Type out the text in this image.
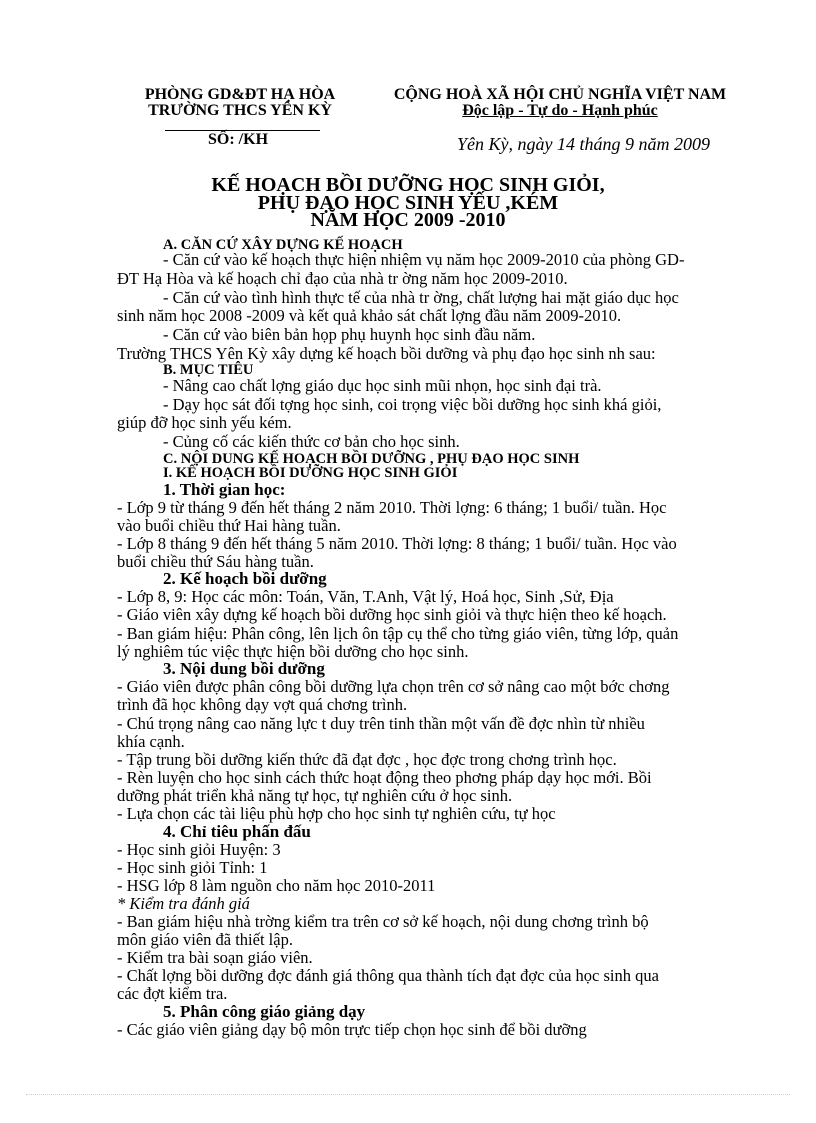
PHÒNG GD&ĐT HẠ HÒA
TRƯỜNG THCS YÊN KỲ
SỐ: /KH
CỘNG HOÀ XÃ HỘI CHỦ NGHĨA VIỆT NAM
Độc lập - Tự do - Hạnh phúc
Yên Kỳ, ngày 14 tháng 9 năm 2009
KẾ HOẠCH BỒI DƯỠNG HỌC SINH GIỎI,
PHỤ ĐẠO HỌC SINH YẾU ,KÉM
NĂM HỌC 2009 -2010
A. CĂN CỨ XÂY DỰNG KẾ HOẠCH
- Căn cứ vào kế hoạch thực hiện nhiệm vụ năm học 2009-2010 của phòng GD-
ĐT Hạ Hòa và kế hoạch chỉ đạo của nhà tr ờng năm học 2009-2010.
- Căn cứ vào tình hình thực tế của nhà tr ờng, chất lượng hai mặt giáo dục học
sinh năm học 2008 -2009 và kết quả khảo sát chất lợng đầu năm 2009-2010.
- Căn cứ vào biên bản họp phụ huynh học sinh đầu năm.
Trường THCS Yên Kỳ xây dựng kế hoạch bồi dưỡng và phụ đạo học sinh nh sau:
B. MỤC TIÊU
- Nâng cao chất lợng giáo dục học sinh mũi nhọn, học sinh đại trà.
- Dạy học sát đối tợng học sinh, coi trọng việc bồi dưỡng học sinh khá giỏi,
giúp đỡ học sinh yếu kém.
- Củng cố các kiến thức cơ bản cho học sinh.
C. NỘI DUNG KẾ HOẠCH BỒI DƯỠNG , PHỤ ĐẠO HỌC SINH
I. KẾ HOẠCH BỒI DƯỠNG HỌC SINH GIỎI
1. Thời gian học:
- Lớp 9 từ tháng 9 đến hết tháng 2 năm 2010. Thời lợng: 6 tháng; 1 buổi/ tuần. Học
vào buổi chiều thứ Hai hàng tuần.
- Lớp 8 tháng 9 đến hết tháng 5 năm 2010. Thời lợng: 8 tháng; 1 buổi/ tuần. Học vào
buổi chiều thứ Sáu hàng tuần.
2. Kế hoạch bồi dưỡng
- Lớp 8, 9: Học các môn: Toán, Văn, T.Anh, Vật lý, Hoá học, Sinh ,Sử, Địa
- Giáo viên xây dựng kế hoạch bồi dưỡng học sinh giỏi và thực hiện theo kế hoạch.
- Ban giám hiệu: Phân công, lên lịch ôn tập cụ thể cho từng giáo viên, từng lớp, quản
lý nghiêm túc việc thực hiện bồi dưỡng cho học sinh.
3. Nội dung bồi dưỡng
- Giáo viên được phân công bồi dưỡng lựa chọn trên cơ sở nâng cao một bớc chơng
trình đã học không dạy vợt quá chơng trình.
- Chú trọng nâng cao năng lực t duy trên tinh thần một vấn đề đợc nhìn từ nhiều
khía cạnh.
- Tập trung bồi dưỡng kiến thức đã đạt đợc , học đợc trong chơng trình học.
- Rèn luyện cho học sinh cách thức hoạt động theo phơng pháp dạy học mới. Bồi
dưỡng phát triển khả năng tự học, tự nghiên cứu ở học sinh.
- Lựa chọn các tài liệu phù hợp cho học sinh tự nghiên cứu, tự học
4. Chỉ tiêu phấn đấu
- Học sinh giỏi Huyện: 3
- Học sinh giỏi Tỉnh: 1
- HSG lớp 8 làm nguồn cho năm học 2010-2011
* Kiểm tra đánh giá
- Ban giám hiệu nhà trờng kiểm tra trên cơ sở kế hoạch, nội dung chơng trình bộ
môn giáo viên đã thiết lập.
- Kiểm tra bài soạn giáo viên.
- Chất lợng bồi dưỡng đợc đánh giá thông qua thành tích đạt đợc của học sinh qua
các đợt kiểm tra.
5. Phân công giáo giảng dạy
- Các giáo viên giảng dạy bộ môn trực tiếp chọn học sinh để bồi dưỡng
